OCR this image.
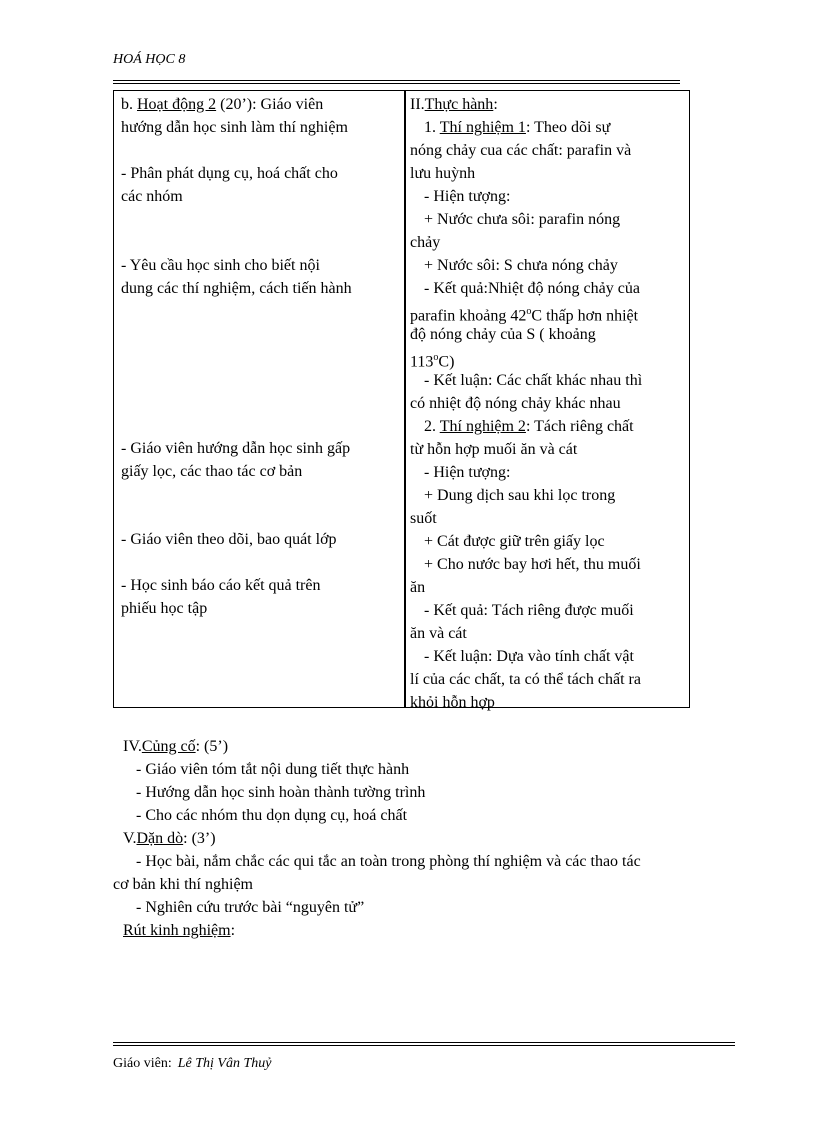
HOÁ HỌC 8
b. Hoạt động 2 (20’): Giáo viên
hướng dẫn học sinh làm thí nghiệm
- Phân phát dụng cụ, hoá chất cho
các nhóm
- Yêu cầu học sinh cho biết nội
dung các thí nghiệm, cách tiến hành
- Giáo viên hướng dẫn học sinh gấp
giấy lọc, các thao tác cơ bản
- Giáo viên theo dõi, bao quát lớp
- Học sinh báo cáo kết quả trên
phiếu học tập
II.Thực hành:
1. Thí nghiệm 1: Theo dõi sự
nóng chảy cua các chất: parafin và
lưu huỳnh
- Hiện tượng:
+ Nước chưa sôi: parafin nóng
chảy
+ Nước sôi: S chưa nóng chảy
- Kết quả:Nhiệt độ nóng chảy của
parafin khoảng 42$^o$C thấp hơn nhiệt
độ nóng chảy của S ( khoảng
113$^o$C)
- Kết luận: Các chất khác nhau thì
có nhiệt độ nóng chảy khác nhau
2. Thí nghiệm 2: Tách riêng chất
từ hỗn hợp muối ăn và cát
- Hiện tượng:
+ Dung dịch sau khi lọc trong
suốt
+ Cát được giữ trên giấy lọc
+ Cho nước bay hơi hết, thu muối
ăn
- Kết quả: Tách riêng được muối
ăn và cát
- Kết luận: Dựa vào tính chất vật
lí của các chất, ta có thể tách chất ra
khỏi hỗn hợp
IV.Củng cố: (5’)
- Giáo viên tóm tắt nội dung tiết thực hành
- Hướng dẫn học sinh hoàn thành tường trình
- Cho các nhóm thu dọn dụng cụ, hoá chất
V.Dặn dò: (3’)
- Học bài, nắm chắc các qui tắc an toàn trong phòng thí nghiệm và các thao tác
cơ bản khi thí nghiệm
- Nghiên cứu trước bài “nguyên tử”
Rút kinh nghiệm:
Giáo viên: Lê Thị Vân Thuỷ
